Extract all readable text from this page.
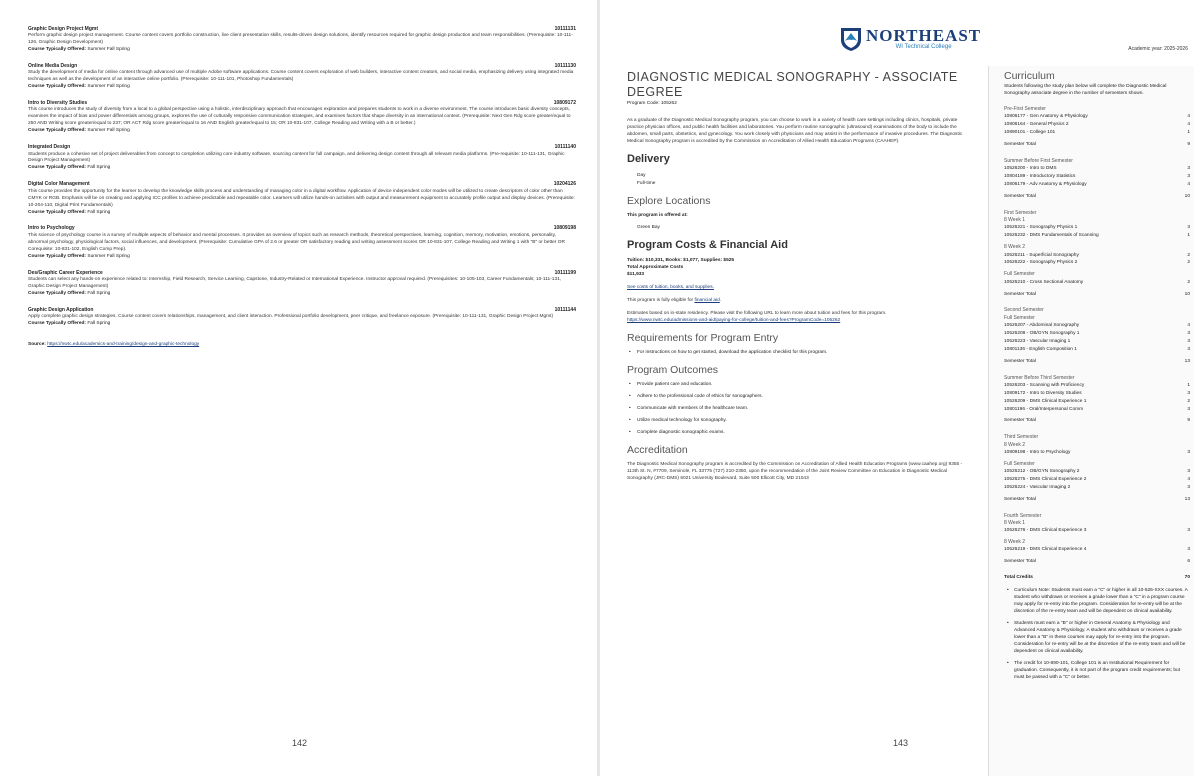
Graphic Design Project Mgmt	10111131
Perform graphic design project management. Course content covers portfolio construction, live client presentation skills, results-driven design solutions, identify resources required for graphic design production and team responsibilities. (Prerequisite: 10-111-126, Graphic Design Development)
Course Typically Offered: Summer Fall Spring
Online Media Design	10111130
Study the development of media for online content through advanced use of multiple Adobe software applications. Course content covers exploration of web builders, interactive content creators, and social media, emphasizing delivery using integrated media techniques as well as the development of an interactive online portfolio. (Prerequisite: 10-111-101, Photoshop Fundamentals)
Course Typically Offered: Summer Fall Spring
Intro to Diversity Studies	10809172
This course introduces the study of diversity from a local to a global perspective using a holistic, interdisciplinary approach that encourages exploration and prepares students to work in a diverse environment. The course introduces basic diversity concepts, examines the impact of bias and power differentials among groups, explores the use of culturally responsive communication strategies, and examines factors that shape diversity in an international context. (Prerequisite: Next Gen Rdg score greater/equal to 250 AND Writing score greater/equal to 237; OR ACT Rdg score greater/equal to 16 AND English greater/equal to 15; OR 10-831-107, College Reading and Writing with a B or better.)
Course Typically Offered: Summer Fall Spring
Integrated Design	10111140
Students produce a cohesive set of project deliverables from concept to completion utilizing core industry software, sourcing content for full campaign, and delivering design content through all relevant media platforms. (Pre-requisite: 10-111-131, Graphic Design Project Management)
Course Typically Offered: Fall Spring
Digital Color Management	10204126
This course provides the opportunity for the learner to develop the knowledge skills process and understanding of managing color in a digital workflow. Application of device independent color modes will be utilized to create descriptors of color other than CMYK or RGB. Emphasis will be on creating and applying ICC profiles to achieve predictable and repeatable color. Learners will utilize hands-on activities with output and measurement equipment to accurately profile output and display devices. (Prerequisite: 10-204-110, Digital Print Fundamentals)
Course Typically Offered: Fall Spring
Intro to Psychology	10809198
This science of psychology course is a survey of multiple aspects of behavior and mental processes. It provides an overview of topics such as research methods, theoretical perspectives, learning, cognition, memory, motivation, emotions, personality, abnormal psychology, physiological factors, social influences, and development. (Prerequisite: Cumulative GPA of 2.6 or greater OR satisfactory reading and writing assessment scores OR 10-831-107, College Reading and Writing 1 with "B" or better OR Corequisite: 10-831-102, English Comp Prep).
Course Typically Offered: Summer Fall Spring
Des/Graphic Career Experience	10111199
Students can select any hands-on experience related to: Internship, Field Research, Service Learning, Capstone, Industry-Related or International Experience. Instructor approval required. (Prerequisites: 10-105-103, Career Fundamentals; 10-111-131, Graphic Design Project Management)
Course Typically Offered: Fall Spring
Graphic Design Application	10111144
Apply complete graphic design strategies. Course content covers relationships, management, and client interaction. Professional portfolio development, peer critique, and freelance exposure. (Prerequisite: 10-111-131, Graphic Design Project Mgmt)
Course Typically Offered: Fall Spring
Source: https://nwtc.edu/academics-and-training/design-and-graphic-technology
142
NORTHEAST
WI Technical College	Academic year: 2025-2026
DIAGNOSTIC MEDICAL SONOGRAPHY - ASSOCIATE DEGREE
Program Code: 105262
As a graduate of the Diagnostic Medical Sonography program, you can choose to work in a variety of health care settings including clinics, hospitals, private practice physician offices, and public health facilities and laboratories. You perform routine sonographic (ultrasound) examinations of the body to include the abdomen, small parts, obstetrics, and gynecology. You work closely with physicians and may assist in the performance of invasive procedures. The Diagnostic Medical Sonography program is accredited by the Commission on Accreditation of Allied Health Education Programs (CAAHEP).
Delivery
Day
Full-time
Explore Locations
This program is offered at:
Green Bay
Program Costs & Financial Aid
Tuition: $10,331, Books: $1,077, Supplies: $525
Total Approximate Costs
$11,933
See costs of tuition, books, and supplies.
This program is fully eligible for financial aid.
Estimates based on in-state residency. Please visit the following URL to learn more about tuition and fees for this program.
https://www.nwtc.edu/admissions-and-aid/paying-for-college/tuition-and-fees?ProgramCode=105262
Requirements for Program Entry
• For instructions on how to get started, download the application checklist for this program.
Program Outcomes
• Provide patient care and education.
• Adhere to the professional code of ethics for sonographers.
• Communicate with members of the healthcare team.
• Utilize medical technology for sonography.
• Complete diagnostic sonographic exams.
Accreditation
The Diagnostic Medical Sonography program is accredited by the Commission on Accreditation of Allied Health Education Programs (www.caahep.org) 9355 - 113th St. N, #7709, Seminole, FL 33775 (727) 210-2350, upon the recommendation of the Joint Review Committee on Education in Diagnostic Medical Sonography (JRC-DMS) 6021 University Boulevard, Suite 500 Ellicott City, MD 21043
Curriculum
Students following the study plan below will complete the Diagnostic Medical Sonography associate degree in the number of semesters shown.
Pre-First Semester
10806177 - Gen Anatomy & Physiology	4
10806164 - General Physics 2	4
10890101 - College 101	1
Semester Total	9
Summer Before First Semester
10526200 - Intro to DMS	3
10804189 - Introductory Statistics	3
10806179 - Adv Anatomy & Physiology	4
Semester Total	10
First Semester
8 Week 1
10526221 - Sonography Physics 1	3
10526232 - DMS Fundamentals of Scanning	1
8 Week 2
10526211 - Superficial Sonography	2
10526222 - Sonography Physics 2	2
Full Semester
10526210 - Cross Sectional Anatomy	2
Semester Total	10
Second Semester
Full Semester
10526207 - Abdominal Sonography	4
10526208 - OB/GYN Sonography 1	3
10526223 - Vascular Imaging 1	3
10801136 - English Composition 1	3
Semester Total	13
Summer Before Third Semester
10526203 - Scanning with Proficiency	1
10809172 - Intro to Diversity Studies	3
10526209 - DMS Clinical Experience 1	2
10801196 - Oral/Interpersonal Comm	3
Semester Total	9
Third Semester
8 Week 2
10809198 - Intro to Psychology	3
Full Semester
10526212 - OB/GYN Sonography 2	3
10526275 - DMS Clinical Experience 2	4
10526224 - Vascular Imaging 2	3
Semester Total	13
Fourth Semester
8 Week 1
10526276 - DMS Clinical Experience 3	3
8 Week 2
10526219 - DMS Clinical Experience 4	3
Semester Total	6
Total Credits	70
• Curriculum Note: Students must earn a "C" or higher in all 10-526-XXX courses. A student who withdraws or receives a grade lower than a "C" in a program course may apply for re-entry into the program. Consideration for re-entry will be at the discretion of the re-entry team and will be dependent on clinical availability.
• Students must earn a "B" or higher in General Anatomy & Physiology and Advanced Anatomy & Physiology. A student who withdraws or receives a grade lower than a "B" in these courses may apply for re-entry into the program. Consideration for re-entry will be at the discretion of the re-entry team and will be dependent on clinical availability.
• The credit for 10-890-101, College 101 is an Institutional Requirement for graduation. Consequently, it is not part of the program credit requirements; but must be passed with a "C" or better.
143
